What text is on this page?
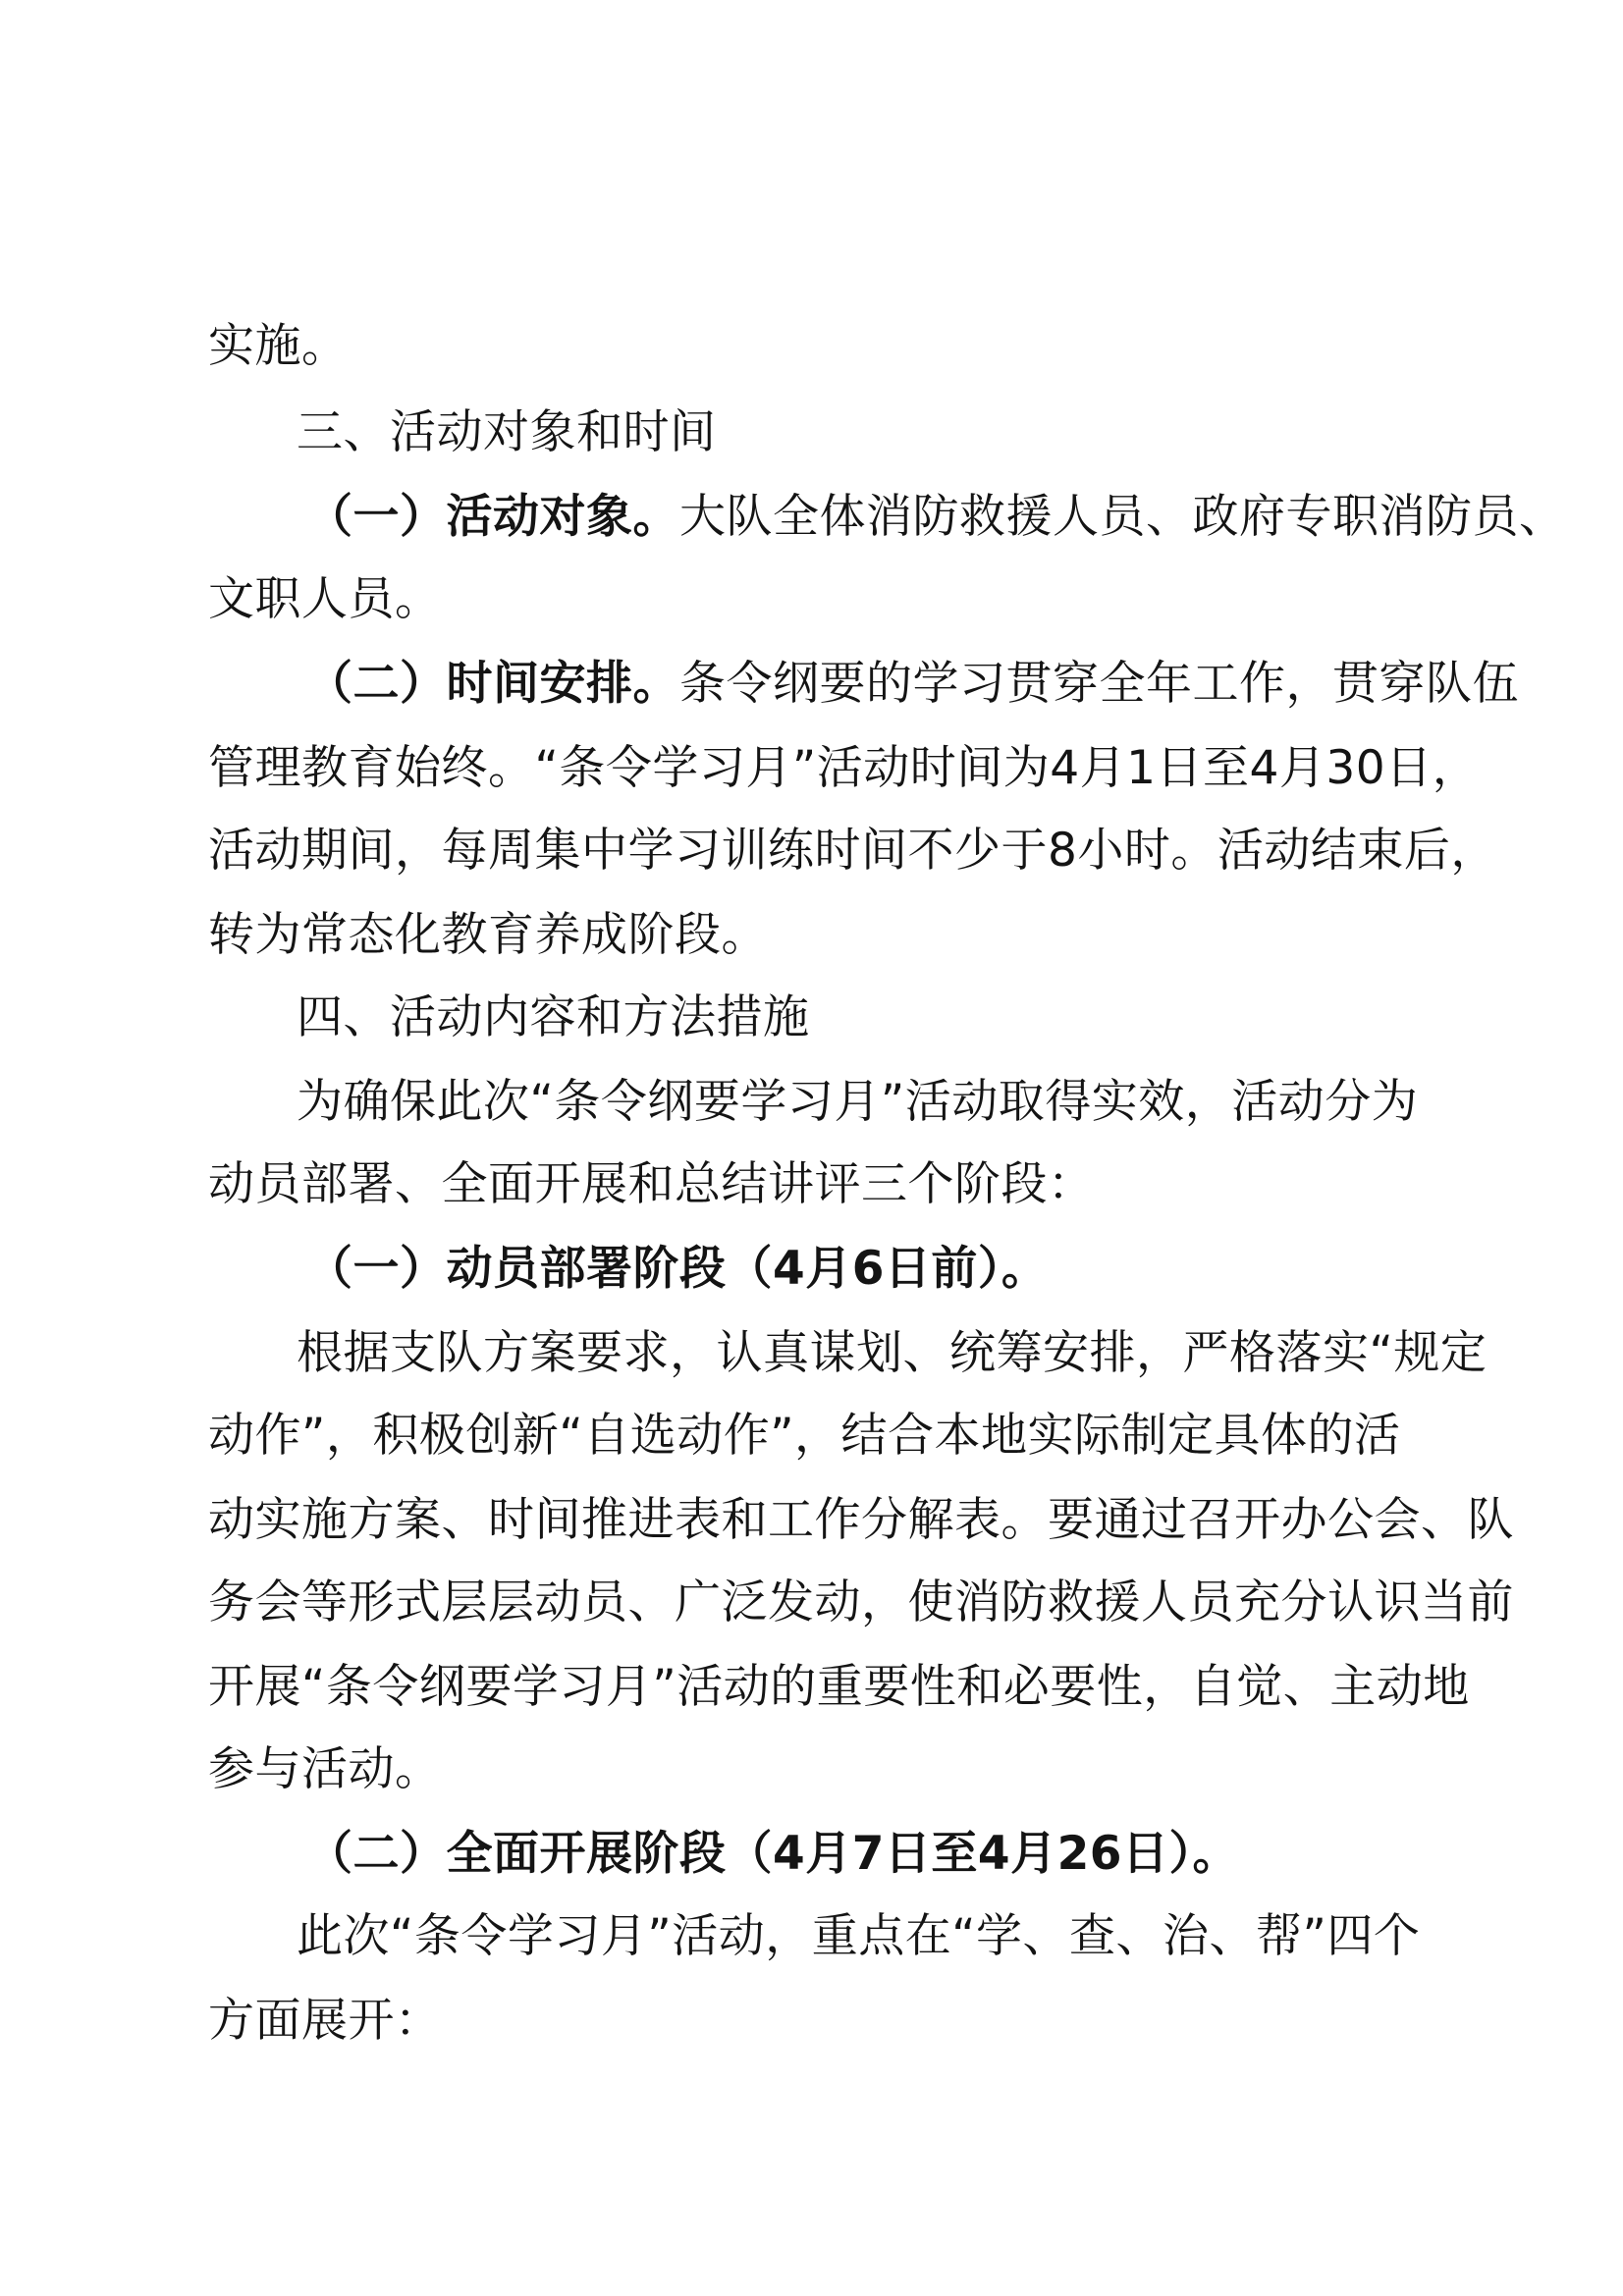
实施。
三、活动对象和时间
（一）活动对象。大队全体消防救援人员、政府专职消防员、
文职人员。
（二）时间安排。条令纲要的学习贯穿全年工作，贯穿队伍
管理教育始终。“条令学习月”活动时间为4月1日至4月30日，
活动期间，每周集中学习训练时间不少于8小时。活动结束后，
转为常态化教育养成阶段。
四、活动内容和方法措施
为确保此次“条令纲要学习月”活动取得实效，活动分为
动员部署、全面开展和总结讲评三个阶段：
（一）动员部署阶段（4月6日前）。
根据支队方案要求，认真谋划、统筹安排，严格落实“规定
动作”，积极创新“自选动作”，结合本地实际制定具体的活
动实施方案、时间推进表和工作分解表。要通过召开办公会、队
务会等形式层层动员、广泛发动，使消防救援人员充分认识当前
开展“条令纲要学习月”活动的重要性和必要性，自觉、主动地
参与活动。
（二）全面开展阶段（4月7日至4月26日）。
此次“条令学习月”活动，重点在“学、查、治、帮”四个
方面展开：
